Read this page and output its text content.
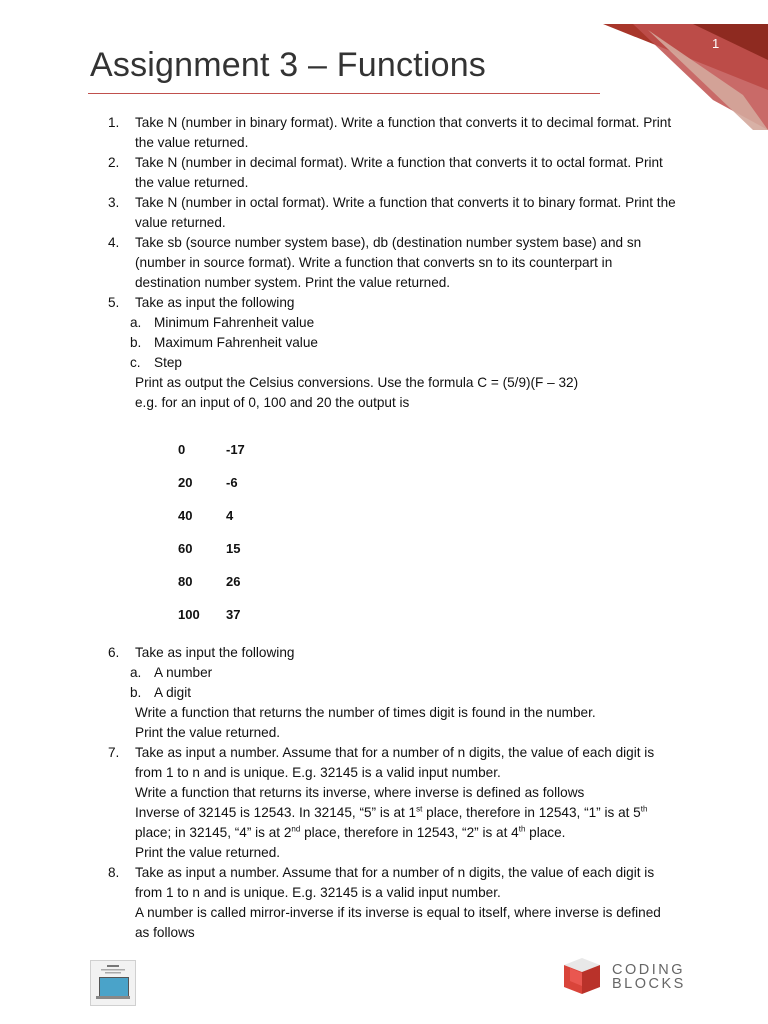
1
Assignment 3 – Functions
1. Take N (number in binary format). Write a function that converts it to decimal format. Print the value returned.
2. Take N (number in decimal format). Write a function that converts it to octal format. Print the value returned.
3. Take N (number in octal format). Write a function that converts it to binary format. Print the value returned.
4. Take sb (source number system base), db (destination number system base) and sn (number in source format). Write a function that converts sn to its counterpart in destination number system. Print the value returned.
5. Take as input the following
a. Minimum Fahrenheit value
b. Maximum Fahrenheit value
c. Step
Print as output the Celsius conversions. Use the formula C = (5/9)(F – 32)
e.g. for an input of 0, 100 and 20 the output is
0	-17
20	-6
40	4
60	15
80	26
100	37
6. Take as input the following
a. A number
b. A digit
Write a function that returns the number of times digit is found in the number.
Print the value returned.
7. Take as input a number. Assume that for a number of n digits, the value of each digit is from 1 to n and is unique. E.g. 32145 is a valid input number.
Write a function that returns its inverse, where inverse is defined as follows
Inverse of 32145 is 12543. In 32145, “5” is at 1st place, therefore in 12543, “1” is at 5th place; in 32145, “4” is at 2nd place, therefore in 12543, “2” is at 4th place.
Print the value returned.
8. Take as input a number. Assume that for a number of n digits, the value of each digit is from 1 to n and is unique. E.g. 32145 is a valid input number.
A number is called mirror-inverse if its inverse is equal to itself, where inverse is defined as follows
CODING
BLOCKS
